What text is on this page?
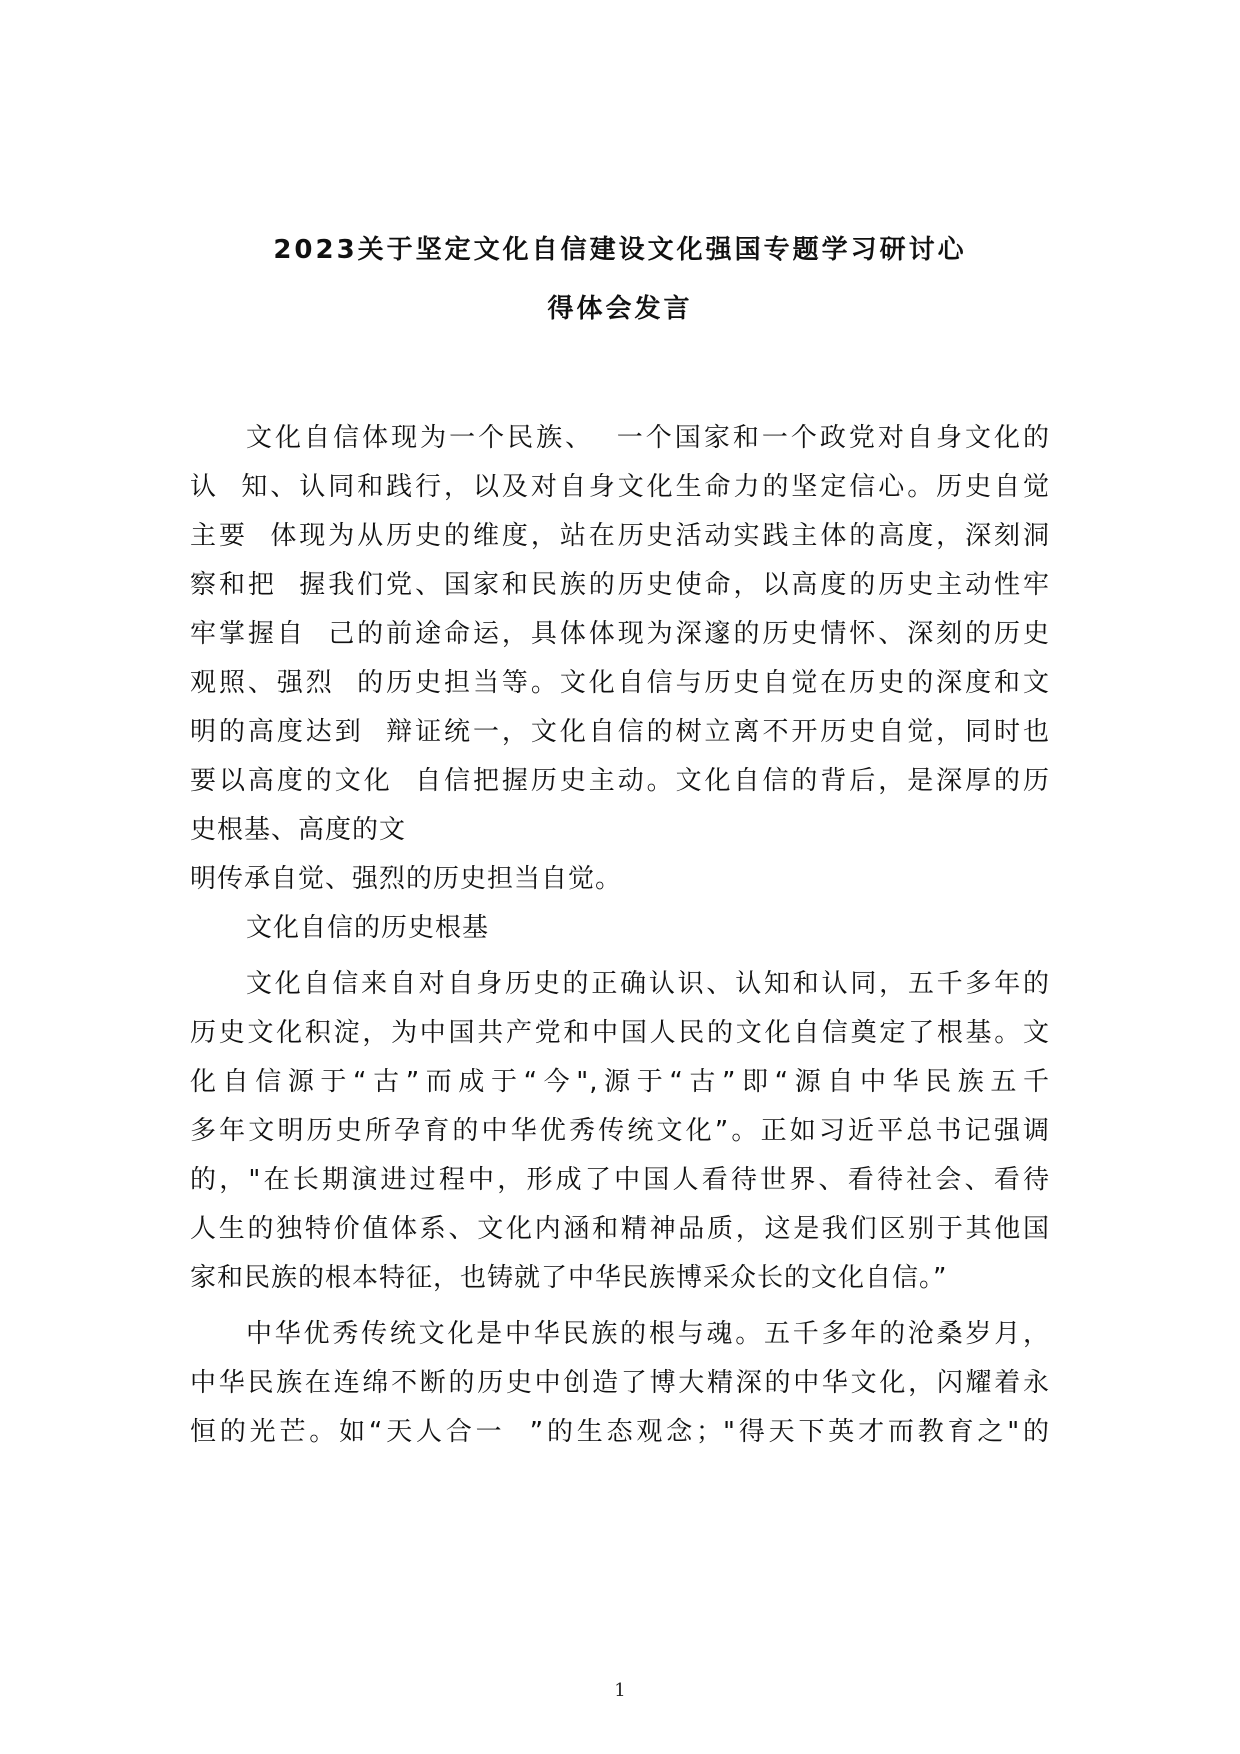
2023关于坚定文化自信建设文化强国专题学习研讨心
得体会发言
文化自信体现为一个民族、  一个国家和一个政党对自身文化的
认  知、认同和践行，以及对自身文化生命力的坚定信心。历史自觉
主要  体现为从历史的维度，站在历史活动实践主体的高度，深刻洞
察和把  握我们党、国家和民族的历史使命，以高度的历史主动性牢
牢掌握自  己的前途命运，具体体现为深邃的历史情怀、深刻的历史
观照、强烈  的历史担当等。文化自信与历史自觉在历史的深度和文
明的高度达到  辩证统一，文化自信的树立离不开历史自觉，同时也
要以高度的文化  自信把握历史主动。文化自信的背后，是深厚的历
史根基、高度的文
明传承自觉、强烈的历史担当自觉。
文化自信的历史根基
文化自信来自对自身历史的正确认识、认知和认同，五千多年的
历史文化积淀，为中国共产党和中国人民的文化自信奠定了根基。文
化自信源于“古”而成于“今",源于“古”即“源自中华民族五千
多年文明历史所孕育的中华优秀传统文化”。正如习近平总书记强调
的，"在长期演进过程中，形成了中国人看待世界、看待社会、看待
人生的独特价值体系、文化内涵和精神品质，这是我们区别于其他国
家和民族的根本特征，也铸就了中华民族博采众长的文化自信。”
中华优秀传统文化是中华民族的根与魂。五千多年的沧桑岁月，
中华民族在连绵不断的历史中创造了博大精深的中华文化，闪耀着永
恒的光芒。如“天人合一  ”的生态观念；"得天下英才而教育之"的
1
